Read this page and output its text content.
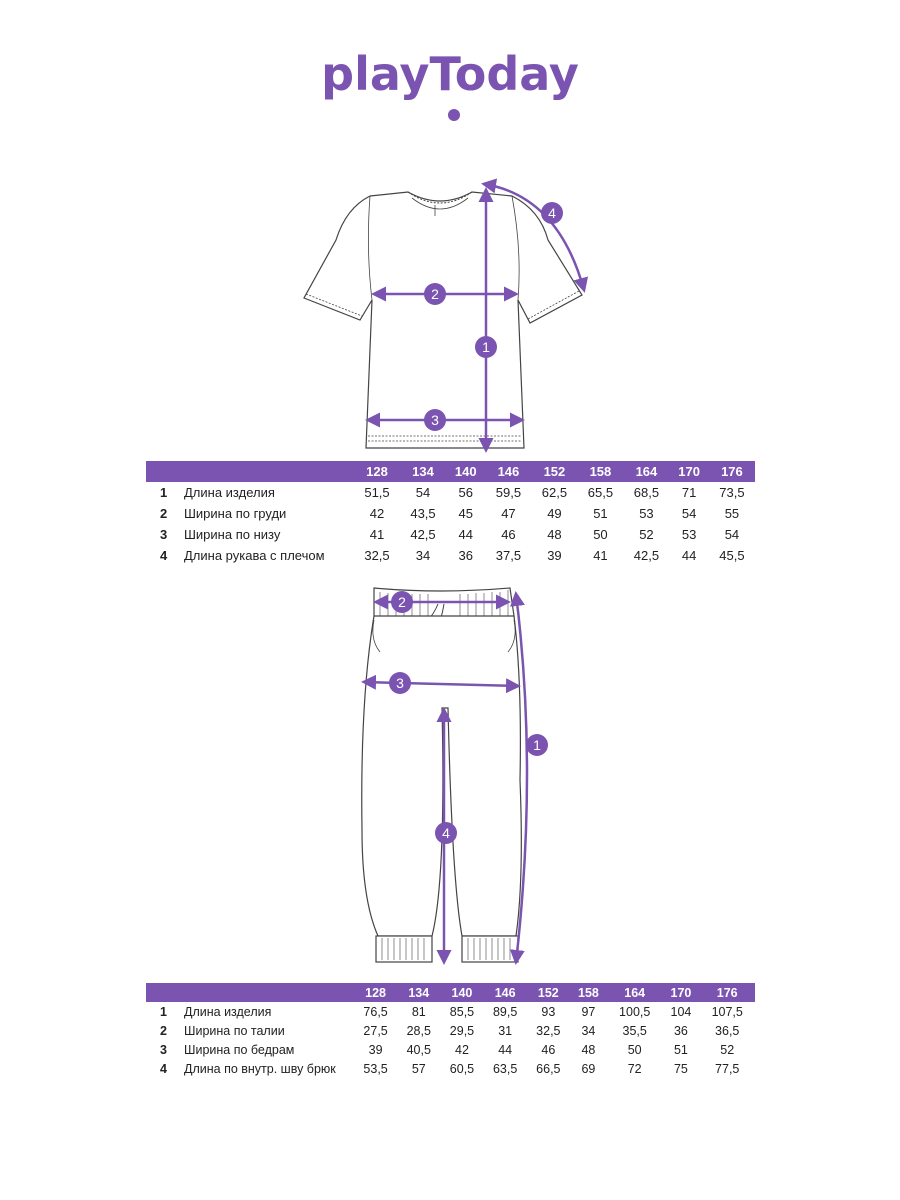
playToday
1
2
3
4
		128	134	140	146	152	158	164	170	176
1	Длина изделия	51,5	54	56	59,5	62,5	65,5	68,5	71	73,5
2	Ширина по груди	42	43,5	45	47	49	51	53	54	55
3	Ширина по низу	41	42,5	44	46	48	50	52	53	54
4	Длина рукава с плечом	32,5	34	36	37,5	39	41	42,5	44	45,5
1
2
3
4
		128	134	140	146	152	158	164	170	176
1	Длина изделия	76,5	81	85,5	89,5	93	97	100,5	104	107,5
2	Ширина по талии	27,5	28,5	29,5	31	32,5	34	35,5	36	36,5
3	Ширина по бедрам	39	40,5	42	44	46	48	50	51	52
4	Длина по внутр. шву брюк	53,5	57	60,5	63,5	66,5	69	72	75	77,5
